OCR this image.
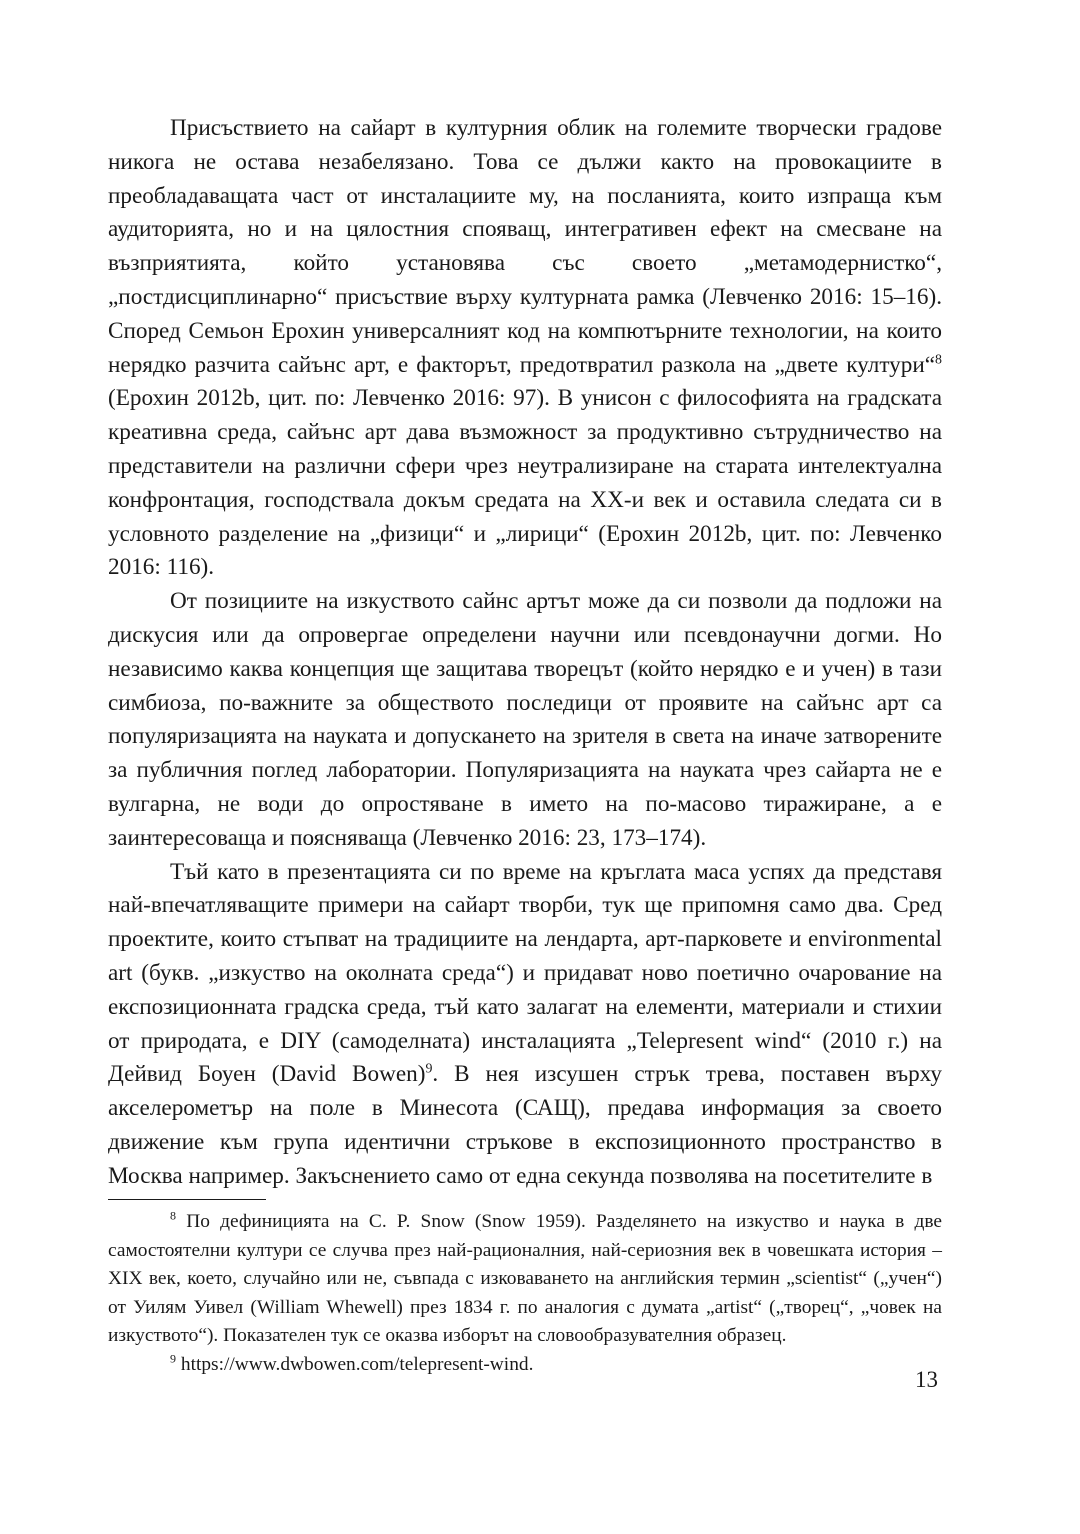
Присъствието на сайарт в културния облик на големите творчески градове никога не остава незабелязано. Това се дължи както на провокациите в преобладаващата част от инсталациите му, на посланията, които изпраща към аудиторията, но и на цялостния спояващ, интегративен ефект на смесване на възприятията, който установява със своето „метамодернистко“, „постдисциплинарно“ присъствие върху културната рамка (Левченко 2016: 15–16). Според Семьон Ерохин универсалният код на компютърните технологии, на които нерядко разчита сайънс арт, е факторът, предотвратил разкола на „двете култури“$^8$ (Ерохин 2012b, цит. по: Левченко 2016: 97). В унисон с философията на градската креативна среда, сайънс арт дава възможност за продуктивно сътрудничество на представители на различни сфери чрез неутрализиране на старата интелектуална конфронтация, господствала докъм средата на XX-и век и оставила следата си в условното разделение на „физици“ и „лирици“ (Ерохин 2012b, цит. по: Левченко 2016: 116).

От позициите на изкуството сайнс артът може да си позволи да подложи на дискусия или да опровергае определени научни или псевдонаучни догми. Но независимо каква концепция ще защитава творецът (който нерядко е и учен) в тази симбиоза, по-важните за обществото последици от проявите на сайънс арт са популяризацията на науката и допускането на зрителя в света на иначе затворените за публичния поглед лаборатории. Популяризацията на науката чрез сайарта не е вулгарна, не води до опростяване в името на по-масово тиражиране, а е заинтересоваща и поясняваща (Левченко 2016: 23, 173–174).

Тъй като в презентацията си по време на кръглата маса успях да представя най-впечатляващите примери на сайарт творби, тук ще припомня само два. Сред проектите, които стъпват на традициите на лендарта, арт-парковете и environmental art (букв. „изкуство на околната среда“) и придават ново поетично очарование на експозиционната градска среда, тъй като залагат на елементи, материали и стихии от природата, е DIY (самоделната) инсталацията „Telepresent wind“ (2010 г.) на Дейвид Боуен (David Bowen)$^9$. В нея изсушен стрък трева, поставен върху акселерометър на поле в Минесота (САЩ), предава информация за своето движение към група идентични стръкове в експозиционното пространство в Москва например. Закъснението само от една секунда позволява на посетителите в

$^8$ По дефиницията на C. P. Snow (Snow 1959). Разделянето на изкуство и наука в две самостоятелни култури се случва през най-рационалния, най-сериозния век в човешката история – XIX век, което, случайно или не, съвпада с изковаването на английския термин „scientist“ („учен“) от Уилям Уивел (William Whewell) през 1834 г. по аналогия с думата „artist“ („творец“, „човек на изкуството“). Показателен тук се оказва изборът на словообразувателния образец.

$^9$ https://www.dwbowen.com/telepresent-wind.

13
